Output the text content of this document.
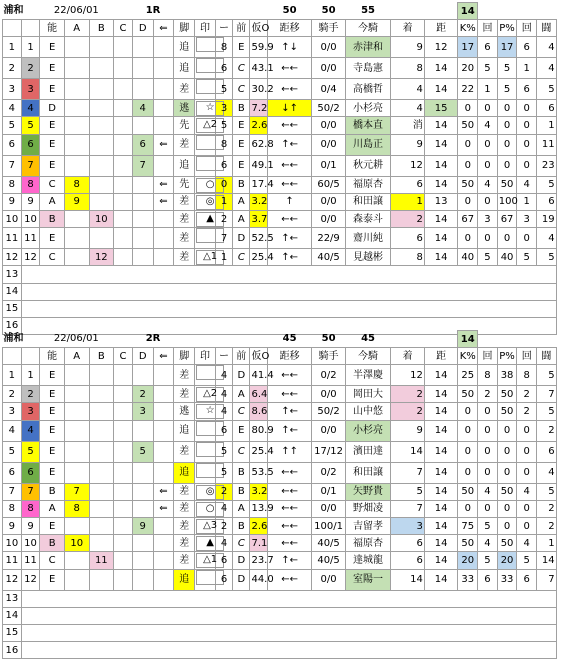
浦和		22/06/01				1R							50	50	55			14				
		能	A	B	C	D	⇐	脚	印	ー	前	仮O	距移	騎手	今騎	着	距	K%	回	P%	回	闘
1	1	E						追		8	E	59.9	↑↓	0/0	赤津和	9	12	17	6	17	6	4
2	2	E						追		6	C	43.1	←←	0/0	寺島憲	8	14	20	5	5	1	4
3	3	E						差		5	C	30.2	←←	0/4	高橋哲	4	14	22	1	5	6	5
4	4	D				4		逃	☆	3	B	7.2	↓↑	50/2	小杉亮	4	15	0	0	0	0	6
5	5	E						先	△2	5	E	2.6	←←	0/0	橋本直	消	14	50	4	0	0	1
6	6	E				6	⇐	差		8	E	62.8	↑←	0/0	川島正	9	14	0	0	0	0	11
7	7	E				7		追		6	E	49.1	←←	0/1	秋元耕	12	14	0	0	0	0	23
8	8	C	8				⇐	先	○	0	B	17.4	←←	60/5	福原杏	6	14	50	4	50	4	5
9	9	A	9				⇐	差	◎	1	A	3.2	↑	0/0	和田譲	1	13	0	0	100	1	6
10	10	B		10				差	▲	2	A	3.7	←←	0/0	森泰斗	2	14	67	3	67	3	19
11	11	E						差		7	D	52.5	↑←	22/9	齋川純	6	14	0	0	0	0	4
12	12	C		12				差	△1	1	C	25.4	↑←	40/5	見越彬	8	14	40	5	40	5	5
13																						
14																						
15																						
16																						
浦和		22/06/01				2R							45	50	45			14				
		能	A	B	C	D	⇐	脚	印	ー	前	仮O	距移	騎手	今騎	着	距	K%	回	P%	回	闘
1	1	E						差		4	D	41.4	←←	0/2	半澤慶	12	14	25	8	38	8	5
2	2	E				2		差	△2	4	A	6.4	←←	0/0	岡田大	2	14	50	2	50	2	7
3	3	E				3		逃	☆	4	C	8.6	↑←	50/2	山中悠	2	14	0	0	50	2	5
4	4	E						追		6	E	80.9	↑←	0/0	小杉亮	9	14	0	0	0	0	2
5	5	E				5		差		5	C	25.4	↑↑	17/12	濱田達	14	14	0	0	0	0	6
6	6	E						追		5	B	53.5	←←	0/2	和田譲	7	14	0	0	0	0	4
7	7	B	7				⇐	差	◎	2	B	3.2	←←	0/1	矢野貴	5	14	50	4	50	4	5
8	8	A	8				⇐	差	○	4	A	13.9	←←	0/0	野畑凌	7	14	0	0	0	0	2
9	9	E				9		差	△3	2	B	2.6	←←	100/1	吉留孝	3	14	75	5	0	0	2
10	10	B	10					差	▲	4	C	7.1	←←	40/5	福原杏	6	14	50	4	50	4	1
11	11	C		11				差	△1	6	D	23.7	↑←	40/5	達城龍	6	14	20	5	20	5	14
12	12	E						追		6	D	44.0	←←	0/0	室陽一	14	14	33	6	33	6	7
13																						
14																						
15																						
16																						
